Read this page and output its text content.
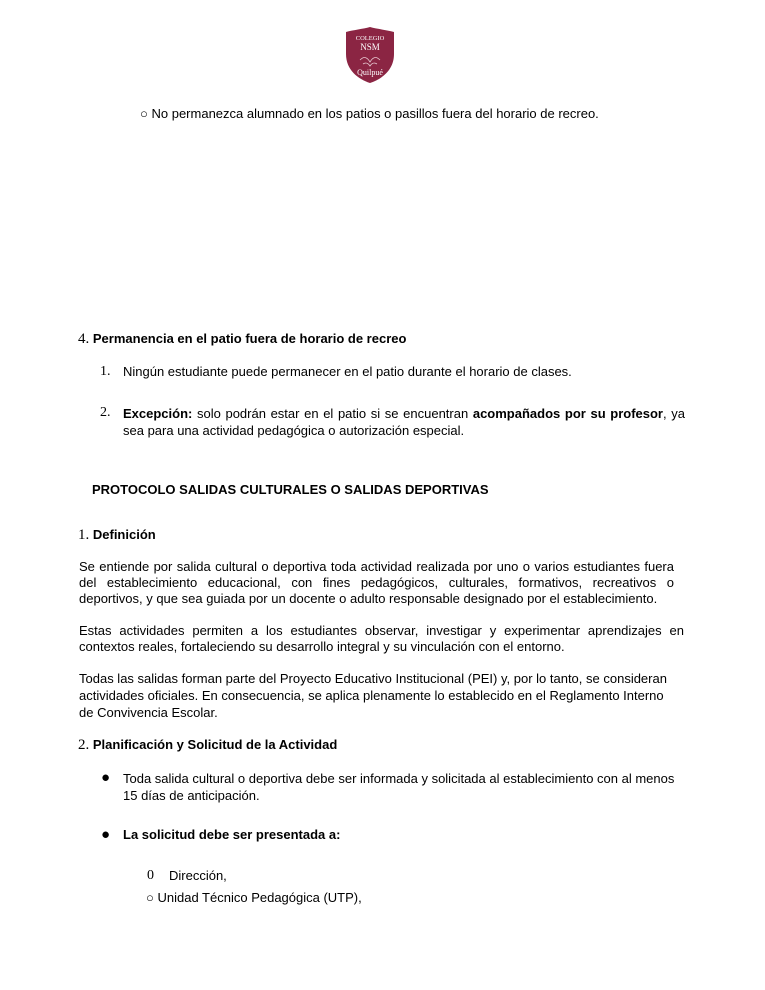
COLEGIO
NSM
Quilpué
○ No permanezca alumnado en los patios o pasillos fuera del horario de recreo.
4. Permanencia en el patio fuera de horario de recreo
1. Ningún estudiante puede permanecer en el patio durante el horario de clases.
2. Excepción: solo podrán estar en el patio si se encuentran acompañados por su profesor, ya sea para una actividad pedagógica o autorización especial.
PROTOCOLO SALIDAS CULTURALES O SALIDAS DEPORTIVAS
1. Definición
Se entiende por salida cultural o deportiva toda actividad realizada por uno o varios estudiantes fuera del establecimiento educacional, con fines pedagógicos, culturales, formativos, recreativos o deportivos, y que sea guiada por un docente o adulto responsable designado por el establecimiento.
Estas actividades permiten a los estudiantes observar, investigar y experimentar aprendizajes en contextos reales, fortaleciendo su desarrollo integral y su vinculación con el entorno.
Todas las salidas forman parte del Proyecto Educativo Institucional (PEI) y, por lo tanto, se consideran actividades oficiales. En consecuencia, se aplica plenamente lo establecido en el Reglamento Interno de Convivencia Escolar.
2. Planificación y Solicitud de la Actividad
● Toda salida cultural o deportiva debe ser informada y solicitada al establecimiento con al menos 15 días de anticipación.
● La solicitud debe ser presentada a:
0 Dirección,
○ Unidad Técnico Pedagógica (UTP),
